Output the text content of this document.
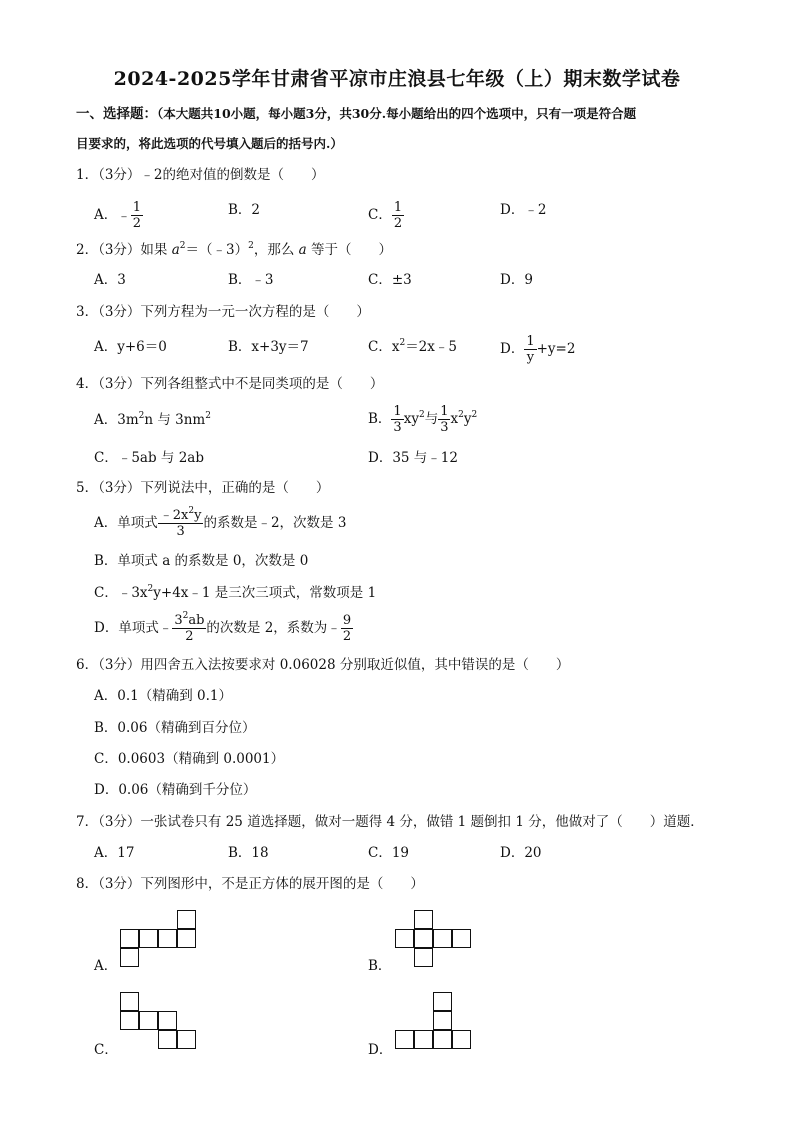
2024-2025学年甘肃省平凉市庄浪县七年级（上）期末数学试卷
一、选择题：（本大题共10小题，每小题3分，共30分.每小题给出的四个选项中，只有一项是符合题
目要求的，将此选项的代号填入题后的括号内.）
1．（3分）﹣2的绝对值的倒数是（　　）
A．﹣ $\frac{1}{2}$	B．2	C． $\frac{1}{2}$	D．﹣2
2．（3分）如果 $a^2=(﹣3)^2$，那么 a 等于（　　）
A．3	B．﹣3	C．±3	D．9
3．（3分）下列方程为一元一次方程的是（　　）
A．y+6＝0	B．x+3y＝7	C．$x^2=2x﹣5$	D． $\frac{1}{y} +y=2$
4．（3分）下列各组整式中不是同类项的是（　　）
A．$3m^2n$ 与 $3nm^2$	B． $\frac{1}{3} xy^2$与 $\frac{1}{3} x^2y^2$
C．﹣5ab 与 2ab	D．35 与﹣12
5．（3分）下列说法中，正确的是（　　）
A．单项式 $\frac{﹣2x^2y}{3}$ 的系数是﹣2，次数是 3
B．单项式 a 的系数是 0，次数是 0
C．$﹣3x^2y+4x﹣1$ 是三次三项式，常数项是 1
D．单项式﹣ $\frac{3^2ab}{2}$ 的次数是 2，系数为﹣ $\frac{9}{2}$
6．（3分）用四舍五入法按要求对 0.06028 分别取近似值，其中错误的是（　　）
A．0.1（精确到 0.1）
B．0.06（精确到百分位）
C．0.0603（精确到 0.0001）
D．0.06（精确到千分位）
7．（3分）一张试卷只有 25 道选择题，做对一题得 4 分，做错 1 题倒扣 1 分，他做对了（　　）道题．
A．17	B．18	C．19	D．20
8．（3分）下列图形中，不是正方体的展开图的是（　　）
A．	B．
C．	D．
